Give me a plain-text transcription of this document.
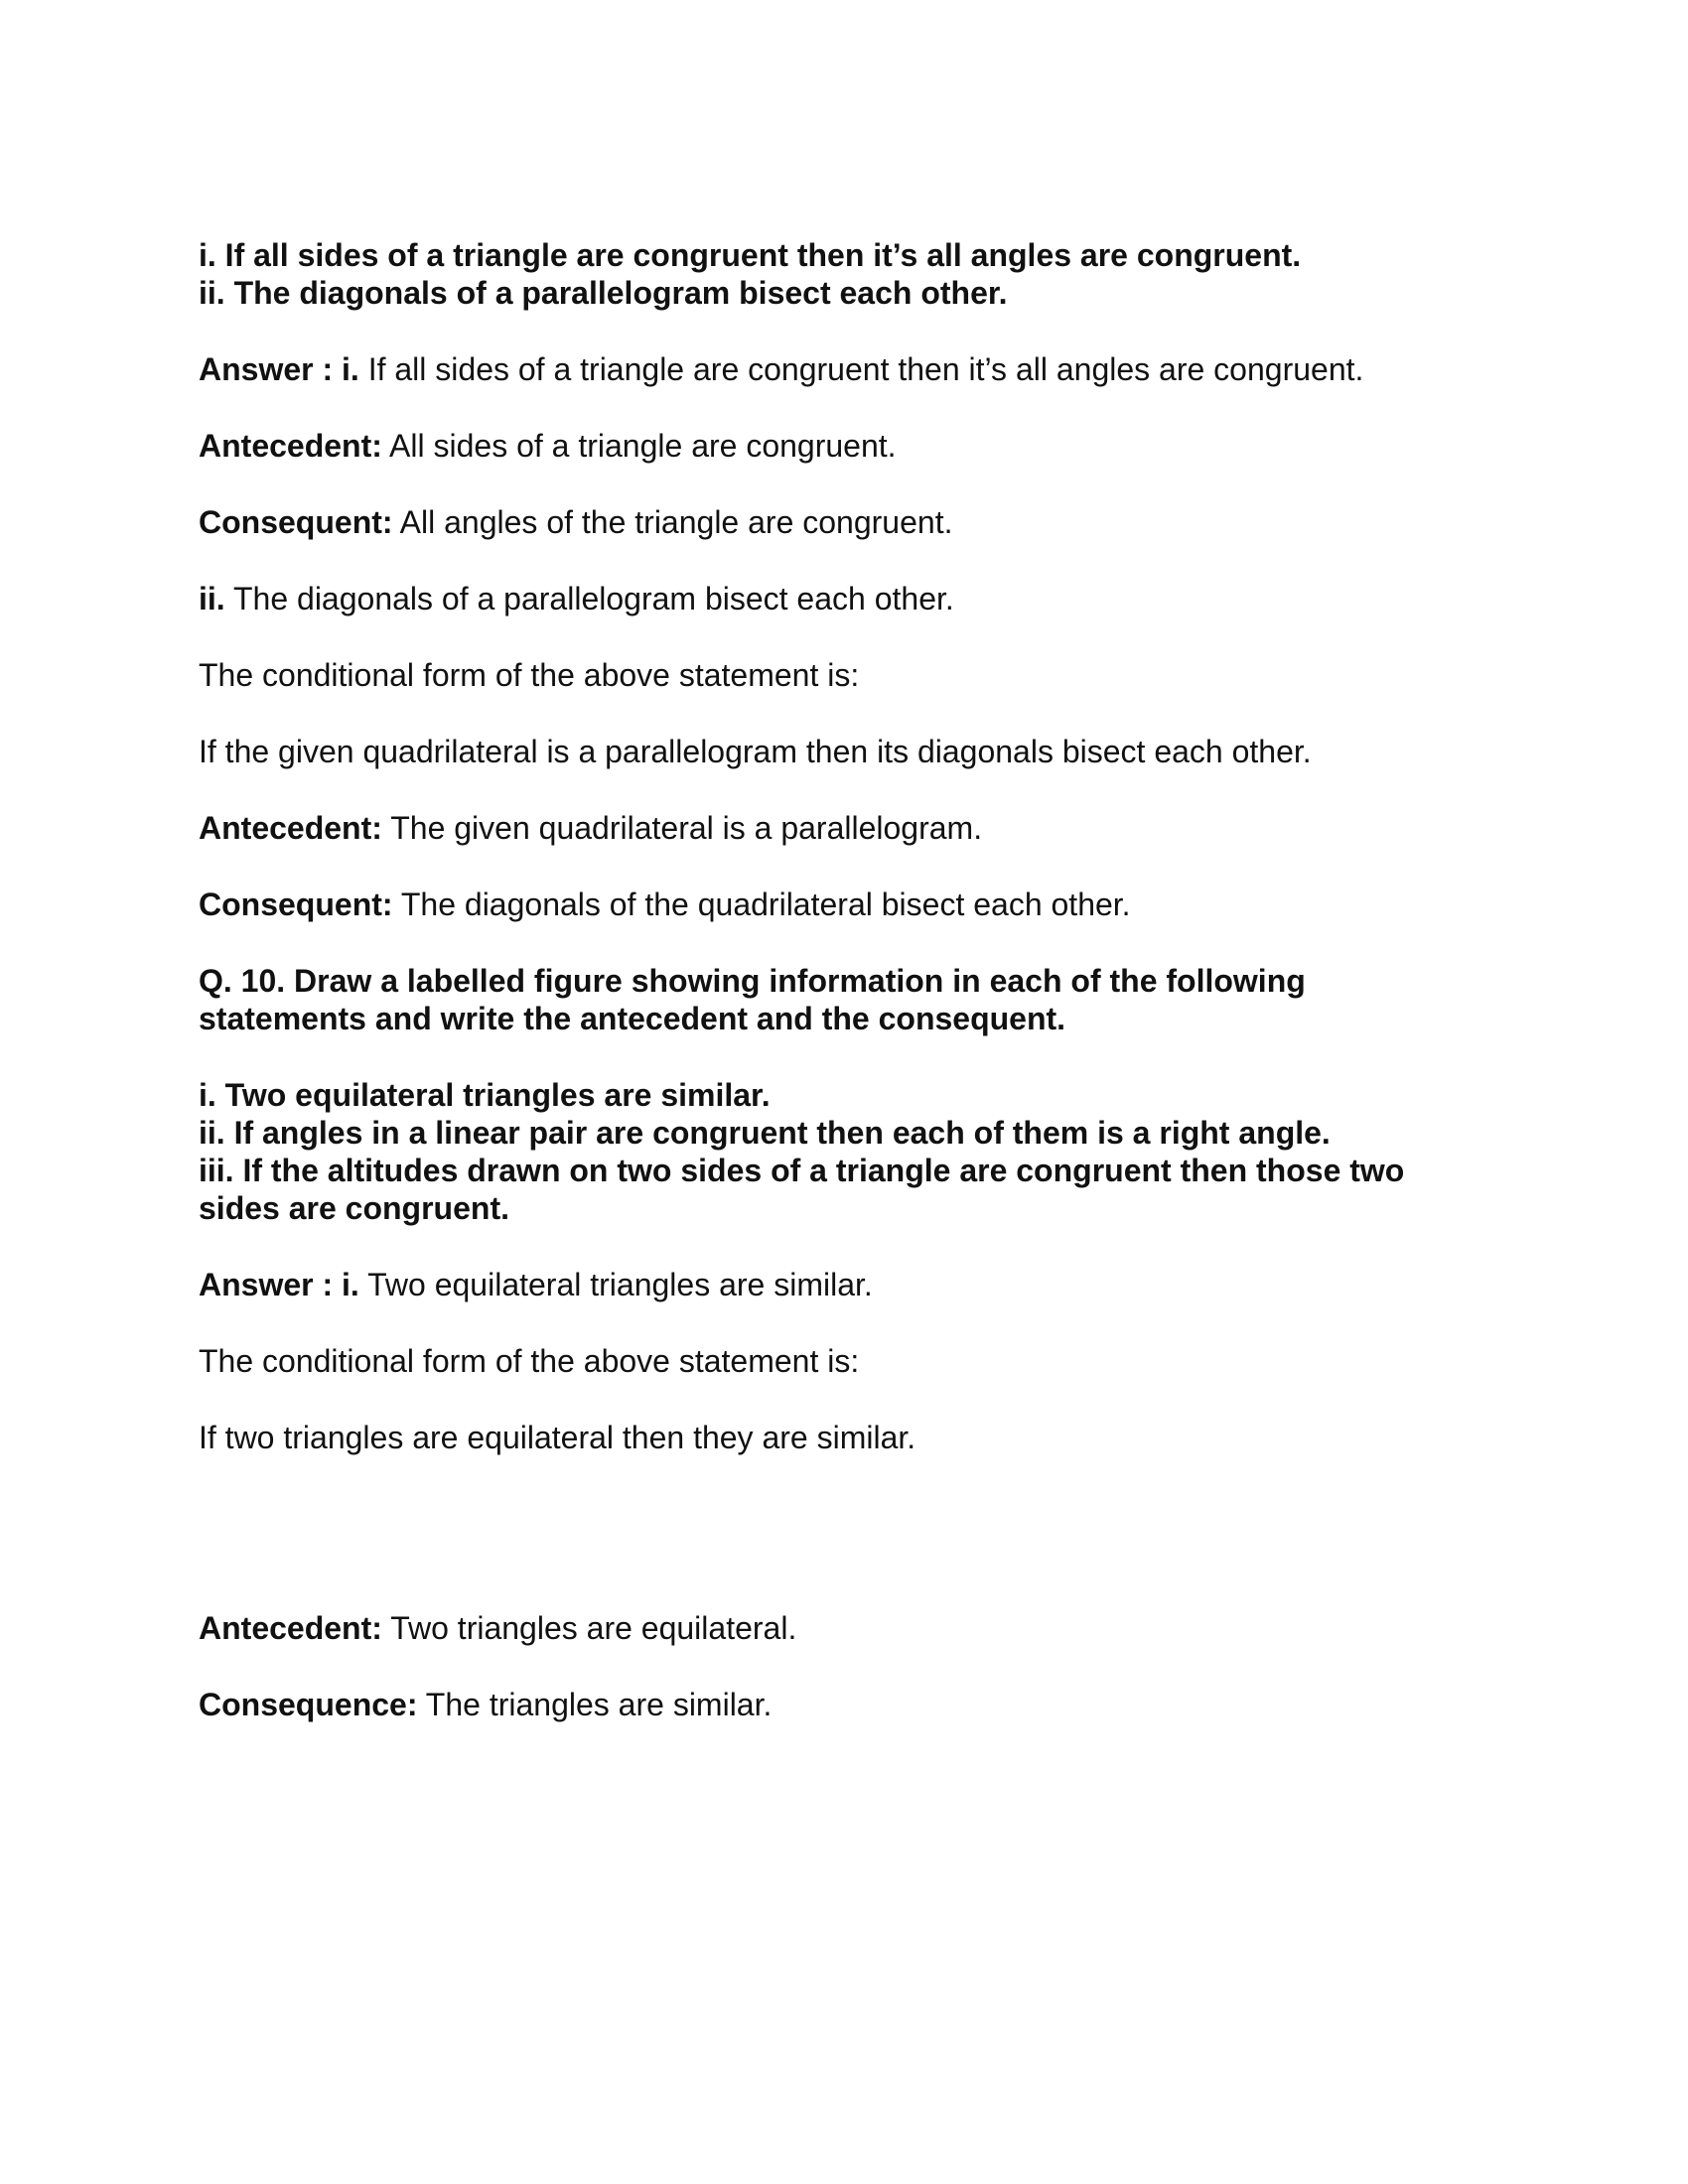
i. If all sides of a triangle are congruent then it’s all angles are congruent.

ii. The diagonals of a parallelogram bisect each other.

Answer : i. If all sides of a triangle are congruent then it’s all angles are congruent.

Antecedent: All sides of a triangle are congruent.

Consequent: All angles of the triangle are congruent.

ii. The diagonals of a parallelogram bisect each other.

The conditional form of the above statement is:

If the given quadrilateral is a parallelogram then its diagonals bisect each other.

Antecedent: The given quadrilateral is a parallelogram.

Consequent: The diagonals of the quadrilateral bisect each other.

Q. 10. Draw a labelled figure showing information in each of the following

statements and write the antecedent and the consequent.

i. Two equilateral triangles are similar.

ii. If angles in a linear pair are congruent then each of them is a right angle.

iii. If the altitudes drawn on two sides of a triangle are congruent then those two

sides are congruent.

Answer : i. Two equilateral triangles are similar.

The conditional form of the above statement is:

If two triangles are equilateral then they are similar.

Antecedent: Two triangles are equilateral.

Consequence: The triangles are similar.
